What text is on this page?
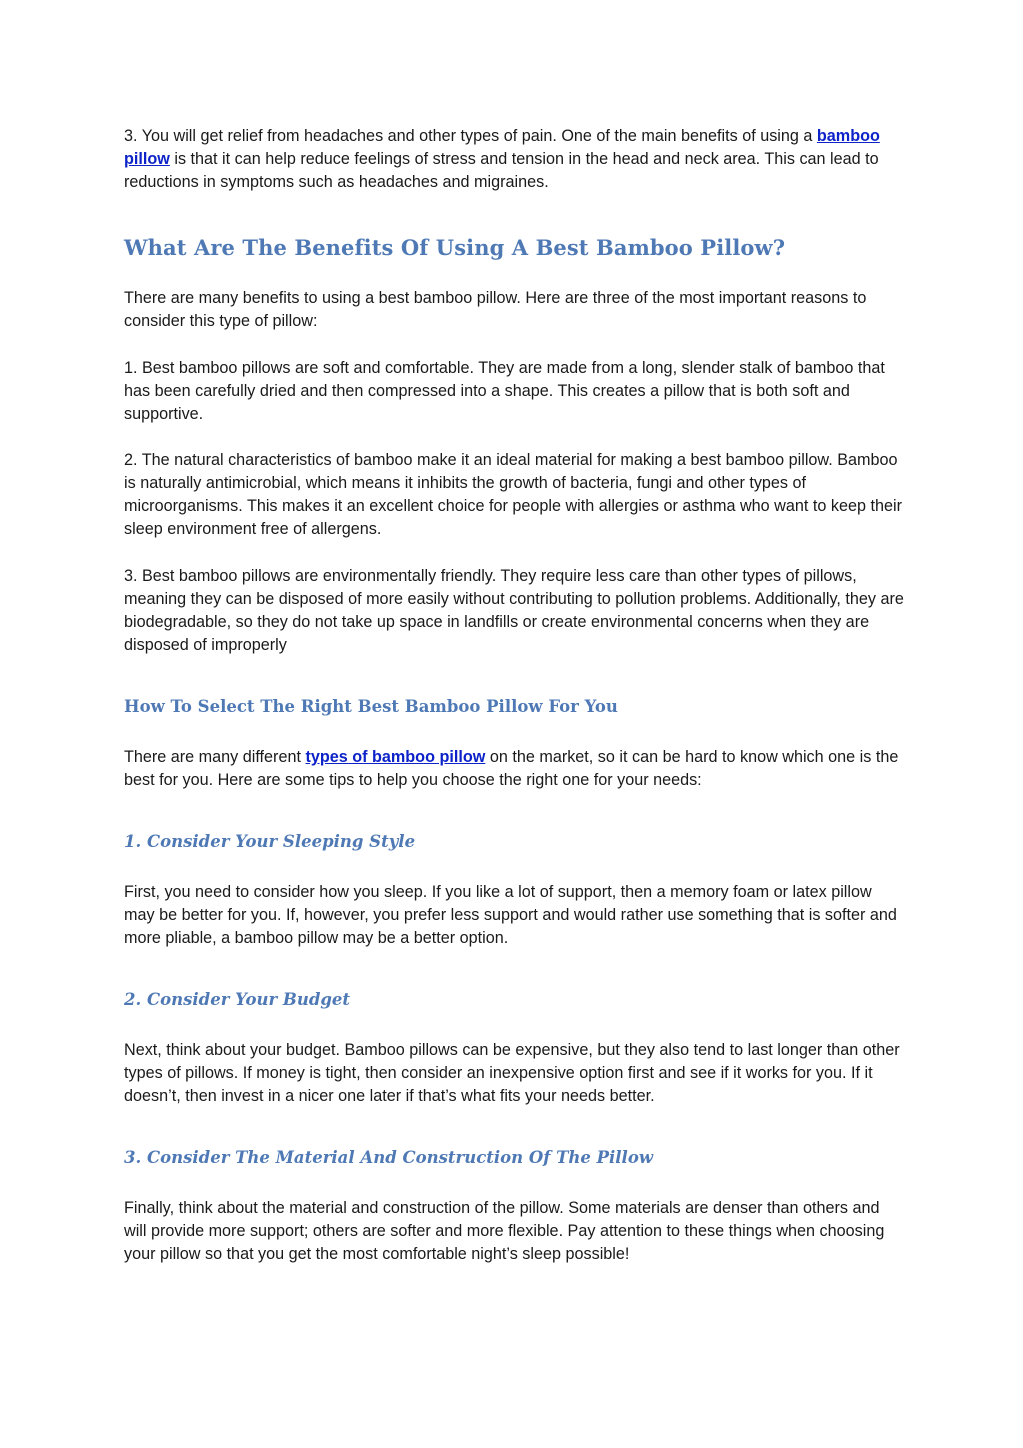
3. You will get relief from headaches and other types of pain. One of the main benefits of using a bamboo pillow is that it can help reduce feelings of stress and tension in the head and neck area. This can lead to reductions in symptoms such as headaches and migraines.

What Are The Benefits Of Using A Best Bamboo Pillow?

There are many benefits to using a best bamboo pillow. Here are three of the most important reasons to consider this type of pillow:

1. Best bamboo pillows are soft and comfortable. They are made from a long, slender stalk of bamboo that has been carefully dried and then compressed into a shape. This creates a pillow that is both soft and supportive.

2. The natural characteristics of bamboo make it an ideal material for making a best bamboo pillow. Bamboo is naturally antimicrobial, which means it inhibits the growth of bacteria, fungi and other types of microorganisms. This makes it an excellent choice for people with allergies or asthma who want to keep their sleep environment free of allergens.

3. Best bamboo pillows are environmentally friendly. They require less care than other types of pillows, meaning they can be disposed of more easily without contributing to pollution problems. Additionally, they are biodegradable, so they do not take up space in landfills or create environmental concerns when they are disposed of improperly

How To Select The Right Best Bamboo Pillow For You

There are many different types of bamboo pillow on the market, so it can be hard to know which one is the best for you. Here are some tips to help you choose the right one for your needs:

1. Consider Your Sleeping Style

First, you need to consider how you sleep. If you like a lot of support, then a memory foam or latex pillow may be better for you. If, however, you prefer less support and would rather use something that is softer and more pliable, a bamboo pillow may be a better option.

2. Consider Your Budget

Next, think about your budget. Bamboo pillows can be expensive, but they also tend to last longer than other types of pillows. If money is tight, then consider an inexpensive option first and see if it works for you. If it doesn’t, then invest in a nicer one later if that’s what fits your needs better.

3. Consider The Material And Construction Of The Pillow

Finally, think about the material and construction of the pillow. Some materials are denser than others and will provide more support; others are softer and more flexible. Pay attention to these things when choosing your pillow so that you get the most comfortable night’s sleep possible!
